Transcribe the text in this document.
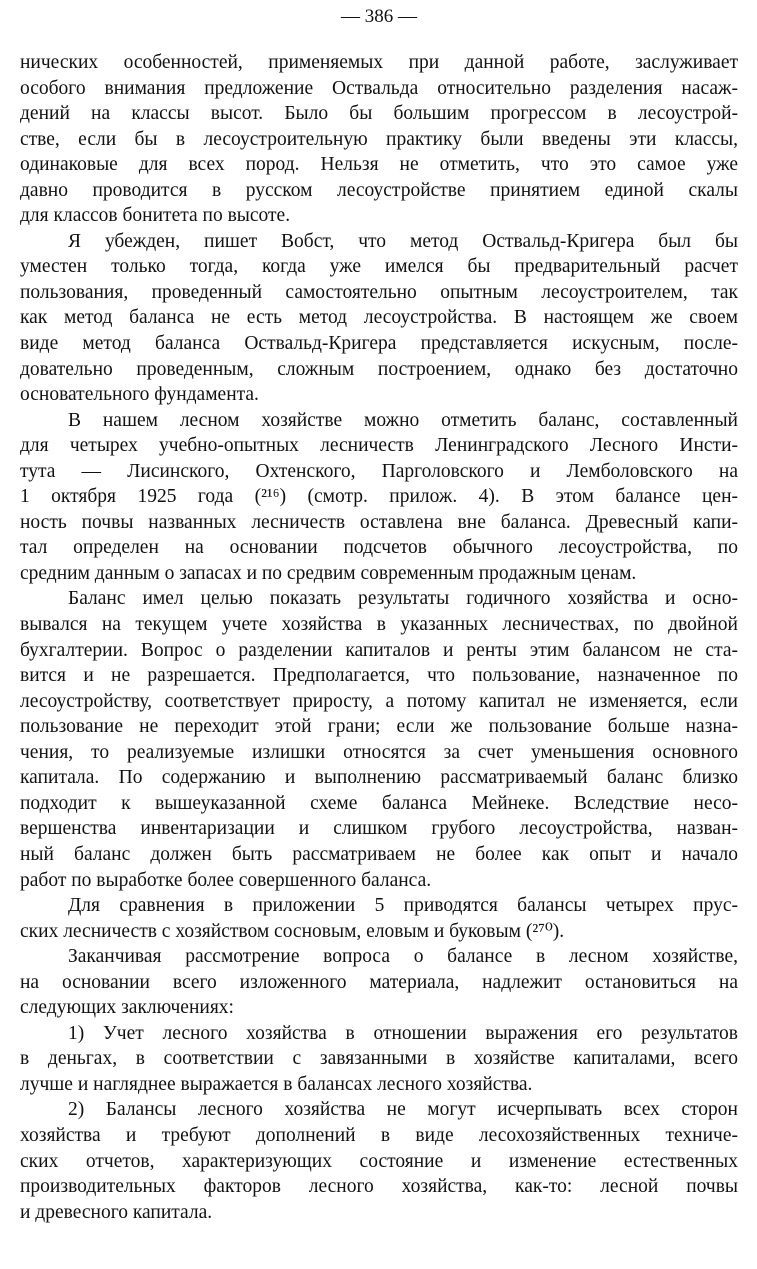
— 386 —
нических особенностей, применяемых при данной работе, заслуживает
особого внимания предложение Оствальда относительно разделения насаж-
дений на классы высот. Было бы большим прогрессом в лесоустрой-
стве, если бы в лесоустроительную практику были введены эти классы,
одинаковые для всех пород. Нельзя не отметить, что это самое уже
давно проводится в русском лесоустройстве принятием единой скалы
для классов бонитета по высоте.
Я убежден, пишет Вобст, что метод Оствальд-Кригера был бы
уместен только тогда, когда уже имелся бы предварительный расчет
пользования, проведенный самостоятельно опытным лесоустроителем, так
как метод баланса не есть метод лесоустройства. В настоящем же своем
виде метод баланса Оствальд-Кригера представляется искусным, после-
довательно проведенным, сложным построением, однако без достаточно
основательного фундамента.
В нашем лесном хозяйстве можно отметить баланс, составленный
для четырех учебно-опытных лесничеств Ленинградского Лесного Инсти-
тута — Лисинского, Охтенского, Парголовского и Лемболовского на
1 октября 1925 года (²¹⁶) (смотр. прилож. 4). В этом балансе цен-
ность почвы названных лесничеств оставлена вне баланса. Древесный капи-
тал определен на основании подсчетов обычного лесоустройства, по
средним данным о запасах и по средвим современным продажным ценам.
Баланс имел целью показать результаты годичного хозяйства и осно-
вывался на текущем учете хозяйства в указанных лесничествах, по двойной
бухгалтерии. Вопрос о разделении капиталов и ренты этим балансом не ста-
вится и не разрешается. Предполагается, что пользование, назначенное по
лесоустройству, соответствует приросту, а потому капитал не изменяется, если
пользование не переходит этой грани; если же пользование больше назна-
чения, то реализуемые излишки относятся за счет уменьшения основного
капитала. По содержанию и выполнению рассматриваемый баланс близко
подходит к вышеуказанной схеме баланса Мейнеке. Вследствие несо-
вершенства инвентаризации и слишком грубого лесоустройства, назван-
ный баланс должен быть рассматриваем не более как опыт и начало
работ по выработке более совершенного баланса.
Для сравнения в приложении 5 приводятся балансы четырех прус-
ских лесничеств с хозяйством сосновым, еловым и буковым (²⁷⁰).
Заканчивая рассмотрение вопроса о балансе в лесном хозяйстве,
на основании всего изложенного материала, надлежит остановиться на
следующих заключениях:
1) Учет лесного хозяйства в отношении выражения его результатов
в деньгах, в соответствии с завязанными в хозяйстве капиталами, всего
лучше и нагляднее выражается в балансах лесного хозяйства.
2) Балансы лесного хозяйства не могут исчерпывать всех сторон
хозяйства и требуют дополнений в виде лесохозяйственных техниче-
ских отчетов, характеризующих состояние и изменение естественных
производительных факторов лесного хозяйства, как-то: лесной почвы
и древесного капитала.
